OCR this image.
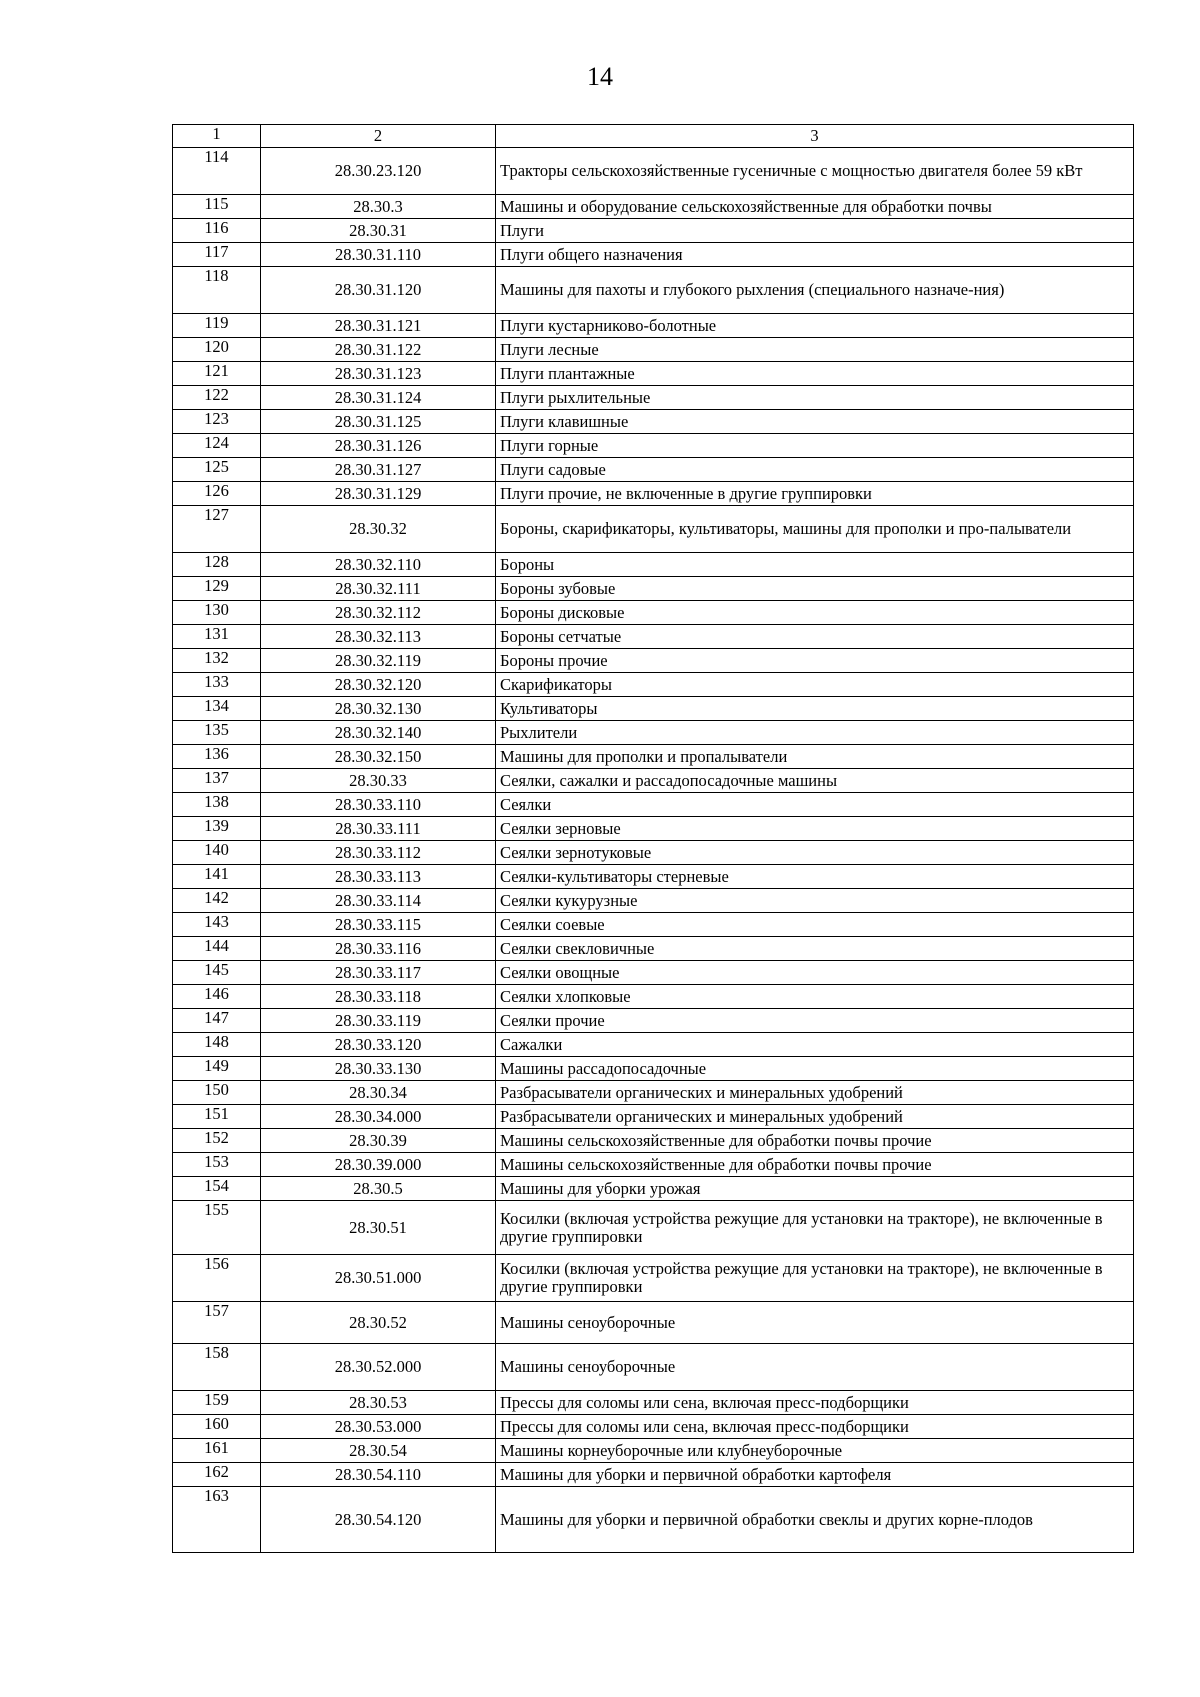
14
1	2	3
114	28.30.23.120	Тракторы сельскохозяйственные гусеничные с мощностью двигателя более 59 кВт
115	28.30.3	Машины и оборудование сельскохозяйственные для обработки почвы
116	28.30.31	Плуги
117	28.30.31.110	Плуги общего назначения
118	28.30.31.120	Машины для пахоты и глубокого рыхления (специального назначе-ния)
119	28.30.31.121	Плуги кустарниково-болотные
120	28.30.31.122	Плуги лесные
121	28.30.31.123	Плуги плантажные
122	28.30.31.124	Плуги рыхлительные
123	28.30.31.125	Плуги клавишные
124	28.30.31.126	Плуги горные
125	28.30.31.127	Плуги садовые
126	28.30.31.129	Плуги прочие, не включенные в другие группировки
127	28.30.32	Бороны, скарификаторы, культиваторы, машины для прополки и про-палыватели
128	28.30.32.110	Бороны
129	28.30.32.111	Бороны зубовые
130	28.30.32.112	Бороны дисковые
131	28.30.32.113	Бороны сетчатые
132	28.30.32.119	Бороны прочие
133	28.30.32.120	Скарификаторы
134	28.30.32.130	Культиваторы
135	28.30.32.140	Рыхлители
136	28.30.32.150	Машины для прополки и пропалыватели
137	28.30.33	Сеялки, сажалки и рассадопосадочные машины
138	28.30.33.110	Сеялки
139	28.30.33.111	Сеялки зерновые
140	28.30.33.112	Сеялки зернотуковые
141	28.30.33.113	Сеялки-культиваторы стерневые
142	28.30.33.114	Сеялки кукурузные
143	28.30.33.115	Сеялки соевые
144	28.30.33.116	Сеялки свекловичные
145	28.30.33.117	Сеялки овощные
146	28.30.33.118	Сеялки хлопковые
147	28.30.33.119	Сеялки прочие
148	28.30.33.120	Сажалки
149	28.30.33.130	Машины рассадопосадочные
150	28.30.34	Разбрасыватели органических и минеральных удобрений
151	28.30.34.000	Разбрасыватели органических и минеральных удобрений
152	28.30.39	Машины сельскохозяйственные для обработки почвы прочие
153	28.30.39.000	Машины сельскохозяйственные для обработки почвы прочие
154	28.30.5	Машины для уборки урожая
155	28.30.51	Косилки (включая устройства режущие для установки на тракторе), не включенные в другие группировки
156	28.30.51.000	Косилки (включая устройства режущие для установки на тракторе), не включенные в другие группировки
157	28.30.52	Машины сеноуборочные
158	28.30.52.000	Машины сеноуборочные
159	28.30.53	Прессы для соломы или сена, включая пресс-подборщики
160	28.30.53.000	Прессы для соломы или сена, включая пресс-подборщики
161	28.30.54	Машины корнеуборочные или клубнеуборочные
162	28.30.54.110	Машины для уборки и первичной обработки картофеля
163	28.30.54.120	Машины для уборки и первичной обработки свеклы и других корне-плодов
